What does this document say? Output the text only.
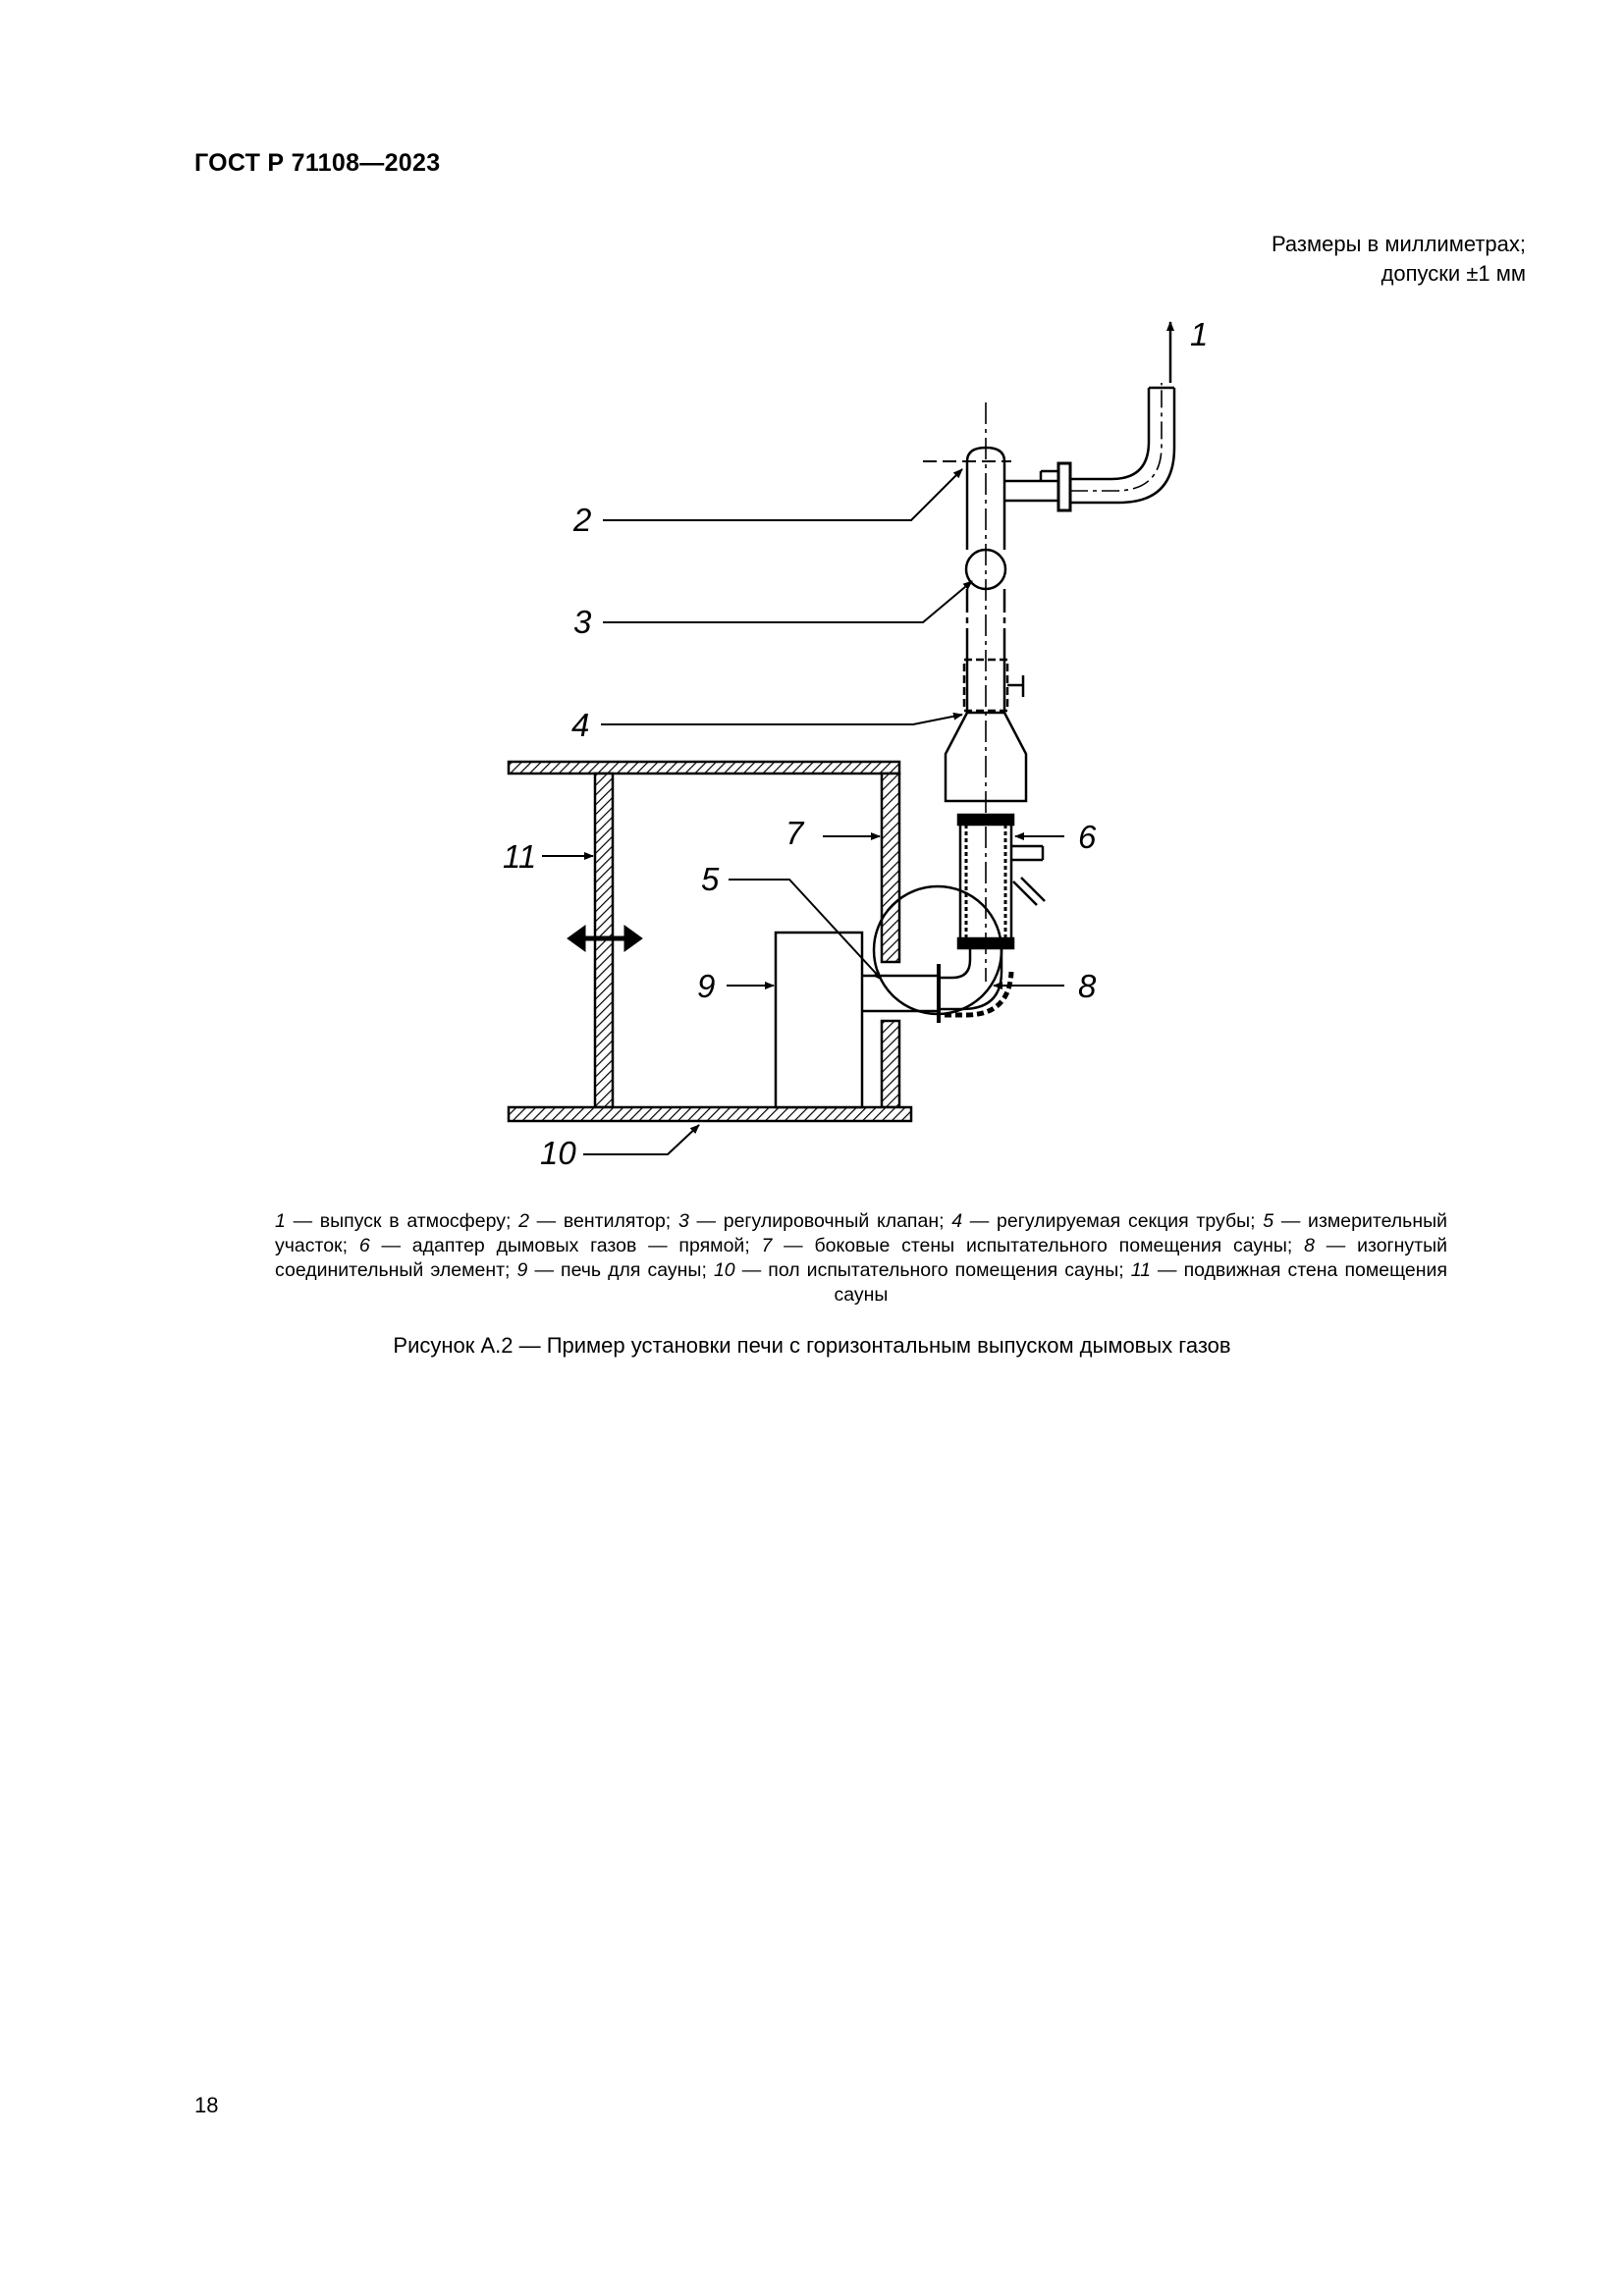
ГОСТ Р 71108—2023
Размеры в миллиметрах;
допуски ±1 мм
1
2
3
4
5
6
7
8
9
10
11
1 — выпуск в атмосферу; 2 — вентилятор; 3 — регулировочный клапан; 4 — регулируемая секция трубы; 5 — измерительный участок; 6 — адаптер дымовых газов — прямой; 7 — боковые стены испытательного помещения сауны; 8 — изогнутый соединительный элемент; 9 — печь для сауны; 10 — пол испытательного помещения сауны; 11 — подвижная стена помещения сауны
Рисунок А.2 — Пример установки печи с горизонтальным выпуском дымовых газов
18
